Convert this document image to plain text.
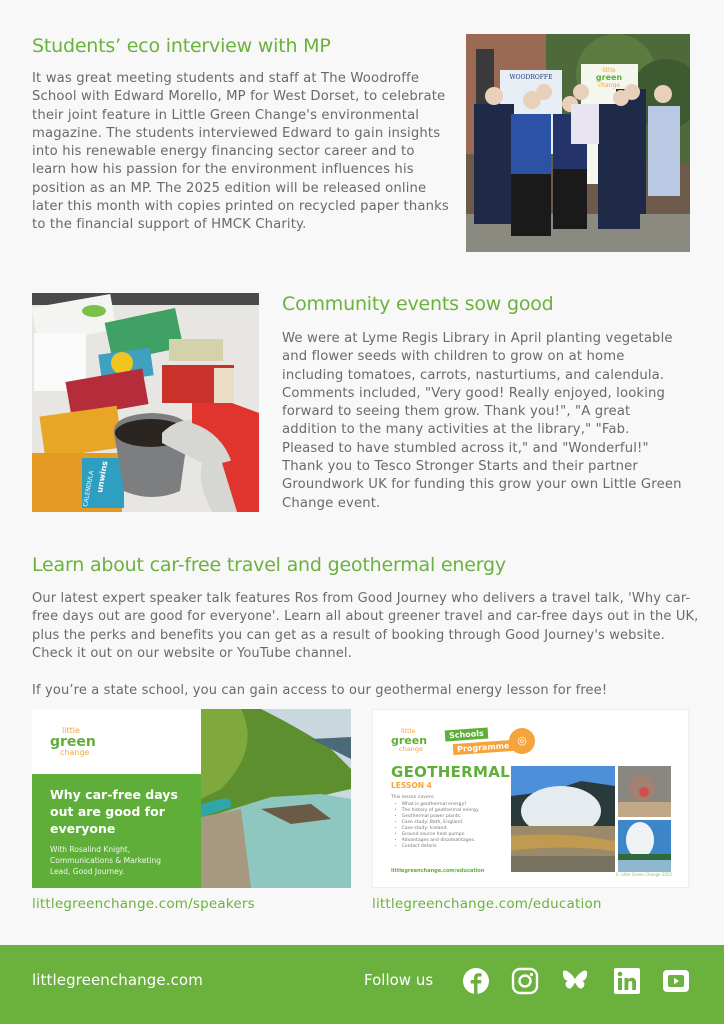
Students’ eco interview with MP

It was great meeting students and staff at The Woodroffe School with Edward Morello, MP for West Dorset, to celebrate their joint feature in Little Green Change's environmental magazine. The students interviewed Edward to gain insights into his renewable energy financing sector career and to learn how his passion for the environment influences his position as an MP. The 2025 edition will be released online later this month with copies printed on recycled paper thanks to the financial support of HMCK Charity.

WOODROFFE
little
green
change
unwins
CALENDULA
Community events sow good

We were at Lyme Regis Library in April planting vegetable and flower seeds with children to grow on at home including tomatoes, carrots, nasturtiums, and calendula. Comments included, "Very good! Really enjoyed, looking forward to seeing them grow. Thank you!", "A great addition to the many activities at the library," "Fab. Pleased to have stumbled across it," and "Wonderful!" Thank you to Tesco Stronger Starts and their partner Groundwork UK for funding this grow your own Little Green Change event.

Learn about car-free travel and geothermal energy

Our latest expert speaker talk features Ros from Good Journey who delivers a travel talk, 'Why car-free days out are good for everyone'. Learn all about greener travel and car-free days out in the UK, plus the perks and benefits you can get as a result of booking through Good Journey's website. Check it out on our website or YouTube channel.

If you’re a state school, you can gain access to our geothermal energy lesson for free!

little
green
change
Why car-free days out are good for everyone
With Rosalind Knight, Communications & Marketing Lead, Good Journey.
littlegreenchange.com/speakers
little
green
change
Schools
Programme
◎
GEOTHERMAL
LESSON 4
This lesson covers:
• What is geothermal energy?
• The history of geothermal energy.
• Geothermal power plants.
• Case study: Bath, England.
• Case study: Iceland.
• Ground source heat pumps.
• Advantages and disadvantages.
• Contact details.
littlegreenchange.com/education
© Little Green Change 2025
littlegreenchange.com/education
littlegreenchange.com	Follow us
